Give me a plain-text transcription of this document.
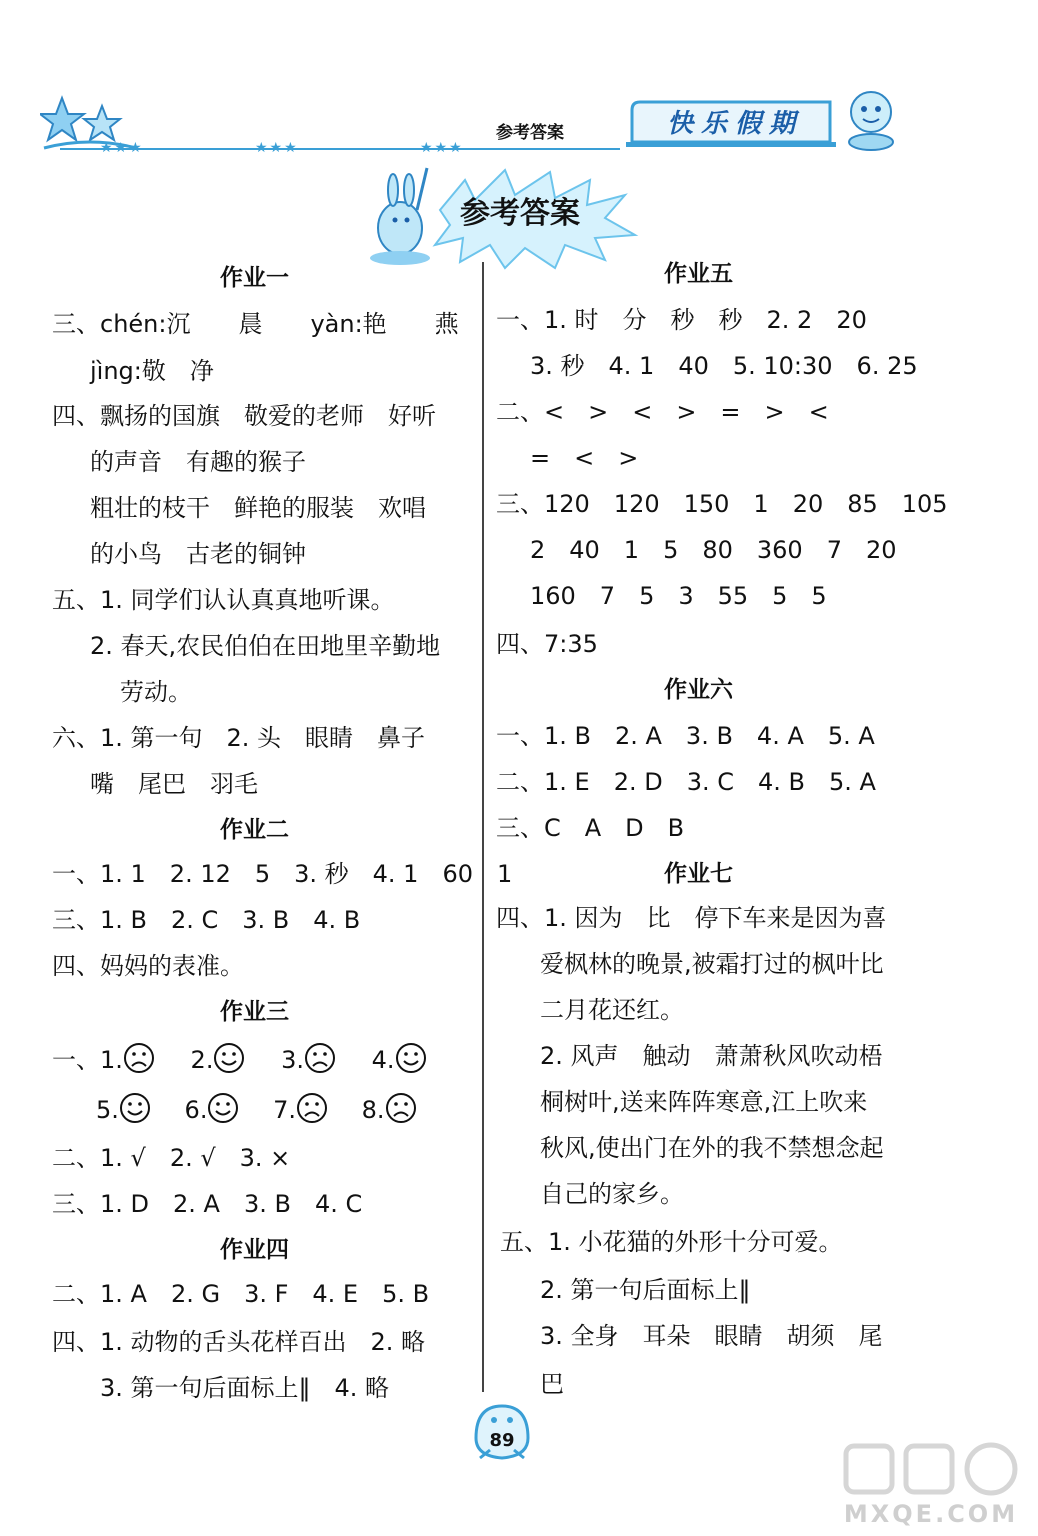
★★★	★★★	★★★
参考答案	快乐假期
参考答案
作业一
三、chén:沉　　晨　　yàn:艳　　燕
jìng:敬　净
四、飘扬的国旗　敬爱的老师　好听
的声音　有趣的猴子
粗壮的枝干　鲜艳的服装　欢唱
的小鸟　古老的铜钟
五、1. 同学们认认真真地听课。
2. 春天,农民伯伯在田地里辛勤地
劳动。
六、1. 第一句　2. 头　眼睛　鼻子
嘴　尾巴　羽毛
作业二
一、1. 1　2. 12　5　3. 秒　4. 1　60　1
三、1. B　2. C　3. B　4. B
四、妈妈的表准。
作业三
一、1.	2.	3.	4.
5.	6.	7.	8.
二、1. √　2. √　3. ×
三、1. D　2. A　3. B　4. C
作业四
二、1. A　2. G　3. F　4. E　5. B
四、1. 动物的舌头花样百出　2. 略
3. 第一句后面标上‖　4. 略
作业五
一、1. 时　分　秒　秒　2. 2　20
3. 秒　4. 1　40　5. 10:30　6. 25
二、<　>　<　>　=　>　<
=　<　>
三、120　120　150　1　20　85　105
2　40　1　5　80　360　7　20
160　7　5　3　55　5　5
四、7:35
作业六
一、1. B　2. A　3. B　4. A　5. A
二、1. E　2. D　3. C　4. B　5. A
三、C　A　D　B
作业七
四、1. 因为　比　停下车来是因为喜
爱枫林的晚景,被霜打过的枫叶比
二月花还红。
2. 风声　触动　萧萧秋风吹动梧
桐树叶,送来阵阵寒意,江上吹来
秋风,使出门在外的我不禁想念起
自己的家乡。
五、1. 小花猫的外形十分可爱。
2. 第一句后面标上‖
3. 全身　耳朵　眼睛　胡须　尾
巴
89
MXQE.COM
